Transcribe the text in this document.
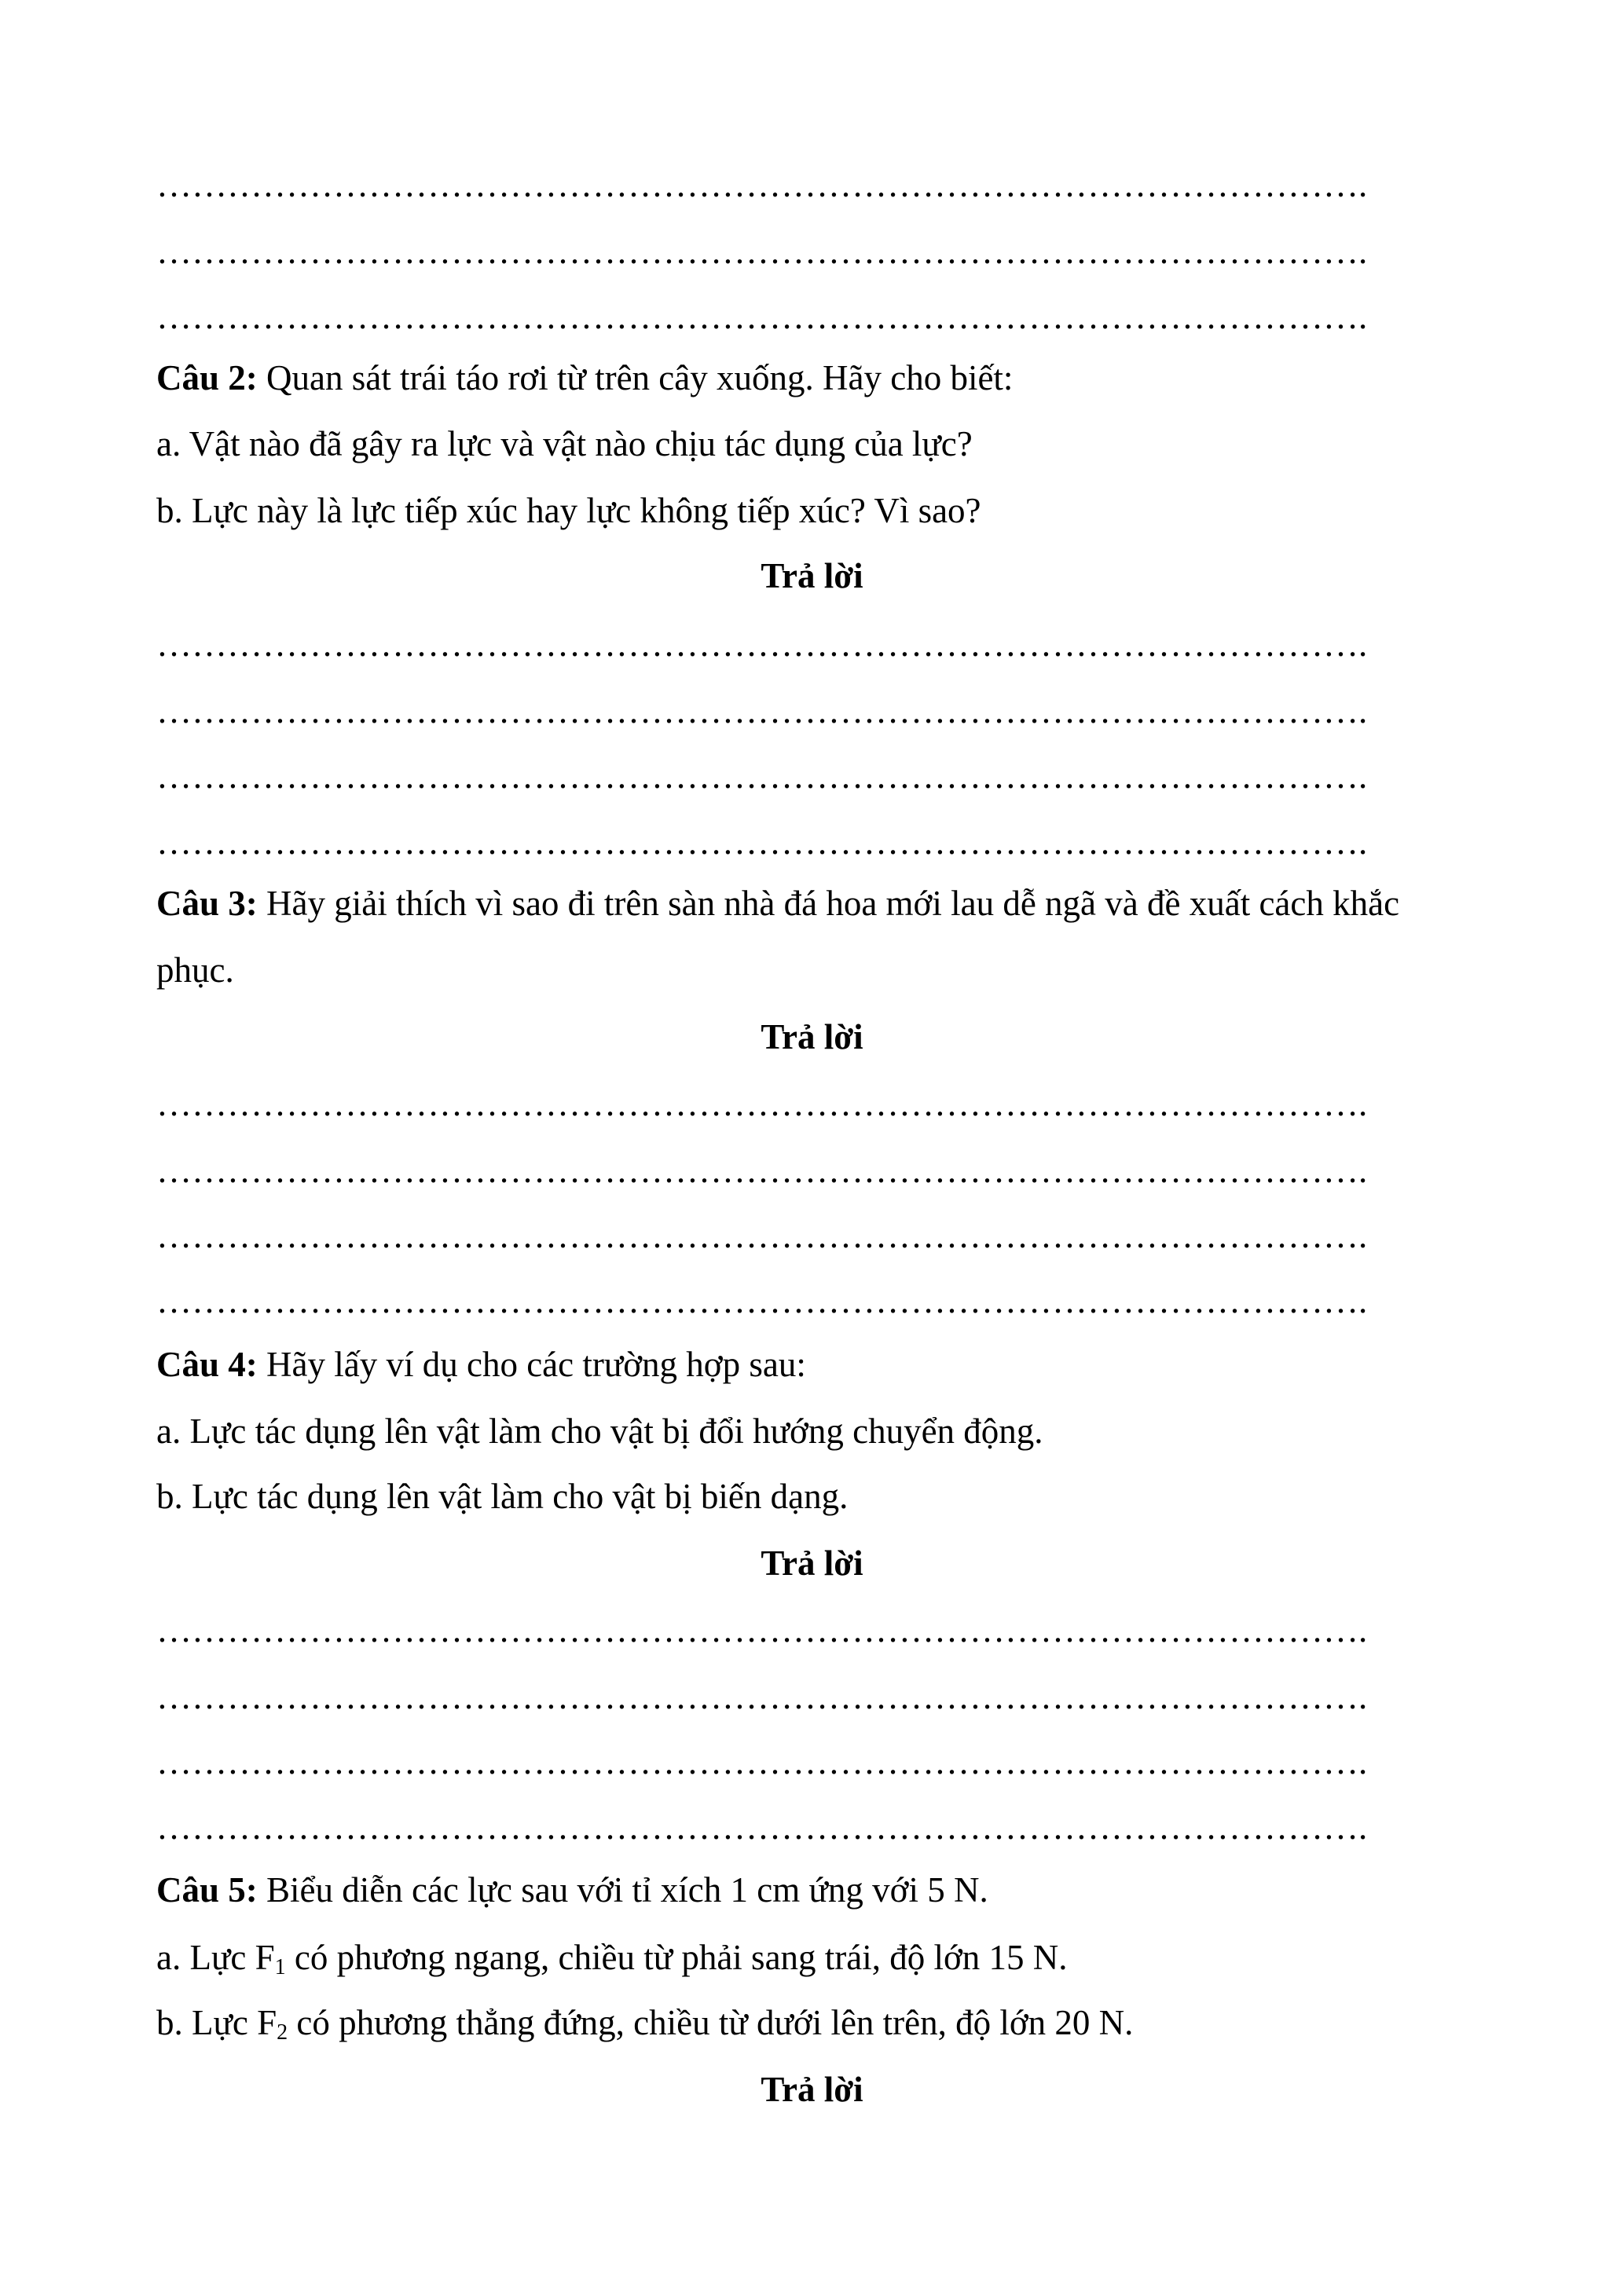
………………………………………………………………………………………….
………………………………………………………………………………………….
………………………………………………………………………………………….
Câu 2: Quan sát trái táo rơi từ trên cây xuống. Hãy cho biết:
a. Vật nào đã gây ra lực và vật nào chịu tác dụng của lực?
b. Lực này là lực tiếp xúc hay lực không tiếp xúc? Vì sao?
Trả lời
………………………………………………………………………………………….
………………………………………………………………………………………….
………………………………………………………………………………………….
………………………………………………………………………………………….
Câu 3: Hãy giải thích vì sao đi trên sàn nhà đá hoa mới lau dễ ngã và đề xuất cách khắc
phục.
Trả lời
………………………………………………………………………………………….
………………………………………………………………………………………….
………………………………………………………………………………………….
………………………………………………………………………………………….
Câu 4: Hãy lấy ví dụ cho các trường hợp sau:
a. Lực tác dụng lên vật làm cho vật bị đổi hướng chuyển động.
b. Lực tác dụng lên vật làm cho vật bị biến dạng.
Trả lời
………………………………………………………………………………………….
………………………………………………………………………………………….
………………………………………………………………………………………….
………………………………………………………………………………………….
Câu 5: Biểu diễn các lực sau với tỉ xích 1 cm ứng với 5 N.
a. Lực $F_1$ có phương ngang, chiều từ phải sang trái, độ lớn 15 N.
b. Lực $F_2$ có phương thẳng đứng, chiều từ dưới lên trên, độ lớn 20 N.
Trả lời
